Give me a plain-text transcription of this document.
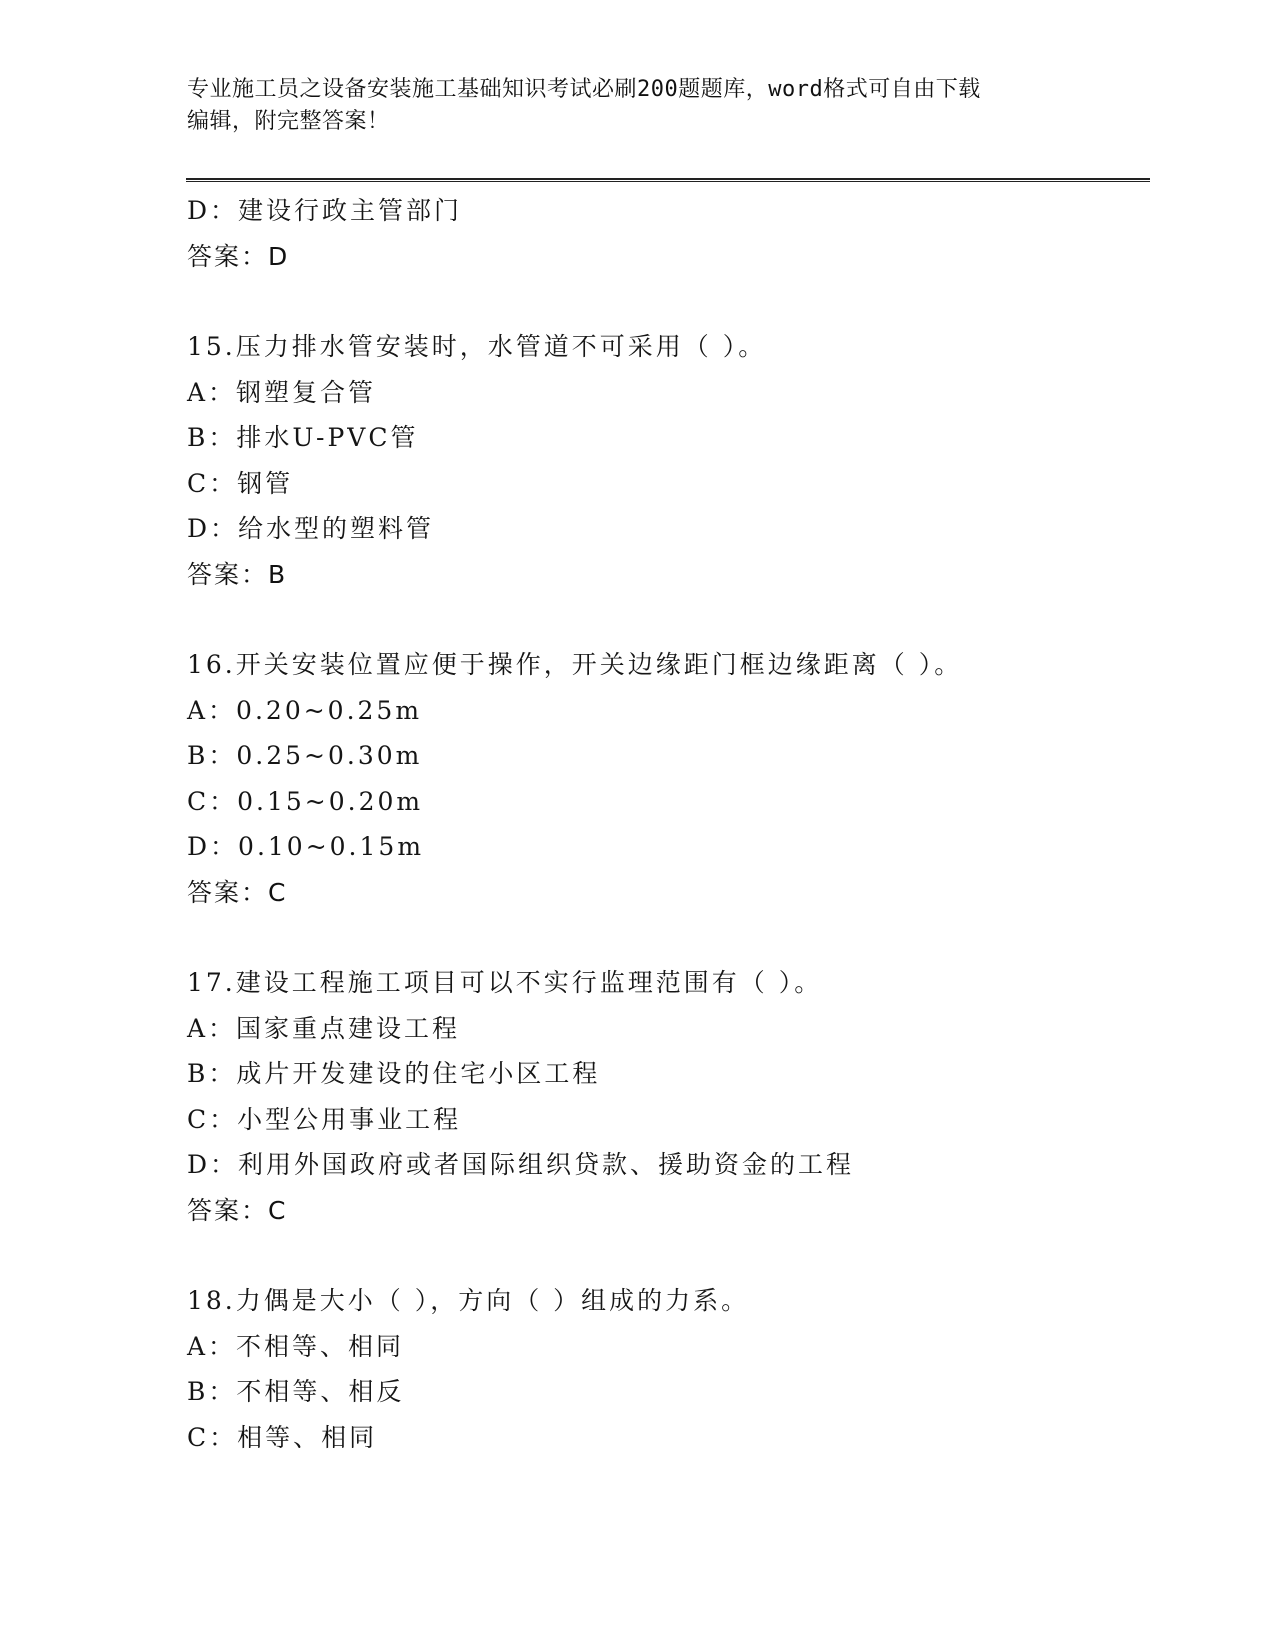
专业施工员之设备安装施工基础知识考试必刷200题题库，word格式可自由下载
编辑，附完整答案！
D：建设行政主管部门
答案：D
15.压力排水管安装时，水管道不可采用（ ）。
A：钢塑复合管
B：排水U-PVC管
C：钢管
D：给水型的塑料管
答案：B
16.开关安装位置应便于操作，开关边缘距门框边缘距离（ ）。
A：0.20~0.25m
B：0.25~0.30m
C：0.15~0.20m
D：0.10~0.15m
答案：C
17.建设工程施工项目可以不实行监理范围有（ ）。
A：国家重点建设工程
B：成片开发建设的住宅小区工程
C：小型公用事业工程
D：利用外国政府或者国际组织贷款、援助资金的工程
答案：C
18.力偶是大小（ ），方向（ ）组成的力系。
A：不相等、相同
B：不相等、相反
C：相等、相同
